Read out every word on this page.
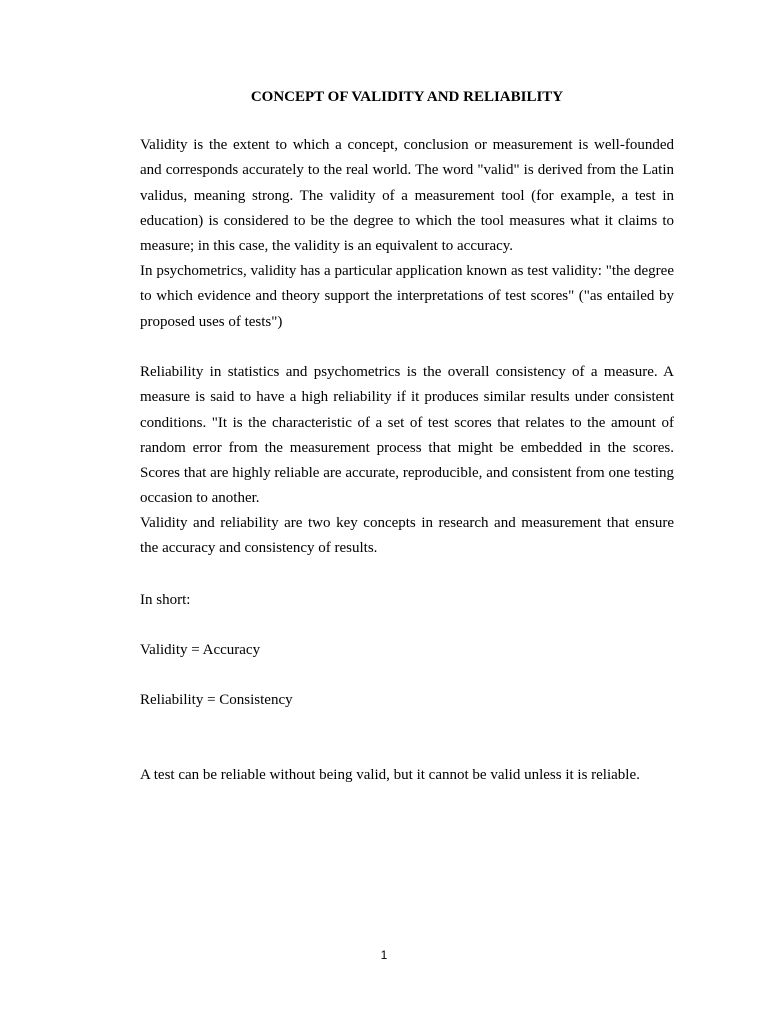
CONCEPT OF VALIDITY AND RELIABILITY

Validity is the extent to which a concept, conclusion or measurement is well-founded and corresponds accurately to the real world. The word "valid" is derived from the Latin validus, meaning strong. The validity of a measurement tool (for example, a test in education) is considered to be the degree to which the tool measures what it claims to measure; in this case, the validity is an equivalent to accuracy.

In psychometrics, validity has a particular application known as test validity: "the degree to which evidence and theory support the interpretations of test scores" ("as entailed by proposed uses of tests")

Reliability in statistics and psychometrics is the overall consistency of a measure. A measure is said to have a high reliability if it produces similar results under consistent conditions. "It is the characteristic of a set of test scores that relates to the amount of random error from the measurement process that might be embedded in the scores. Scores that are highly reliable are accurate, reproducible, and consistent from one testing occasion to another.

Validity and reliability are two key concepts in research and measurement that ensure the accuracy and consistency of results.

In short:

Validity = Accuracy

Reliability = Consistency

A test can be reliable without being valid, but it cannot be valid unless it is reliable.

1
